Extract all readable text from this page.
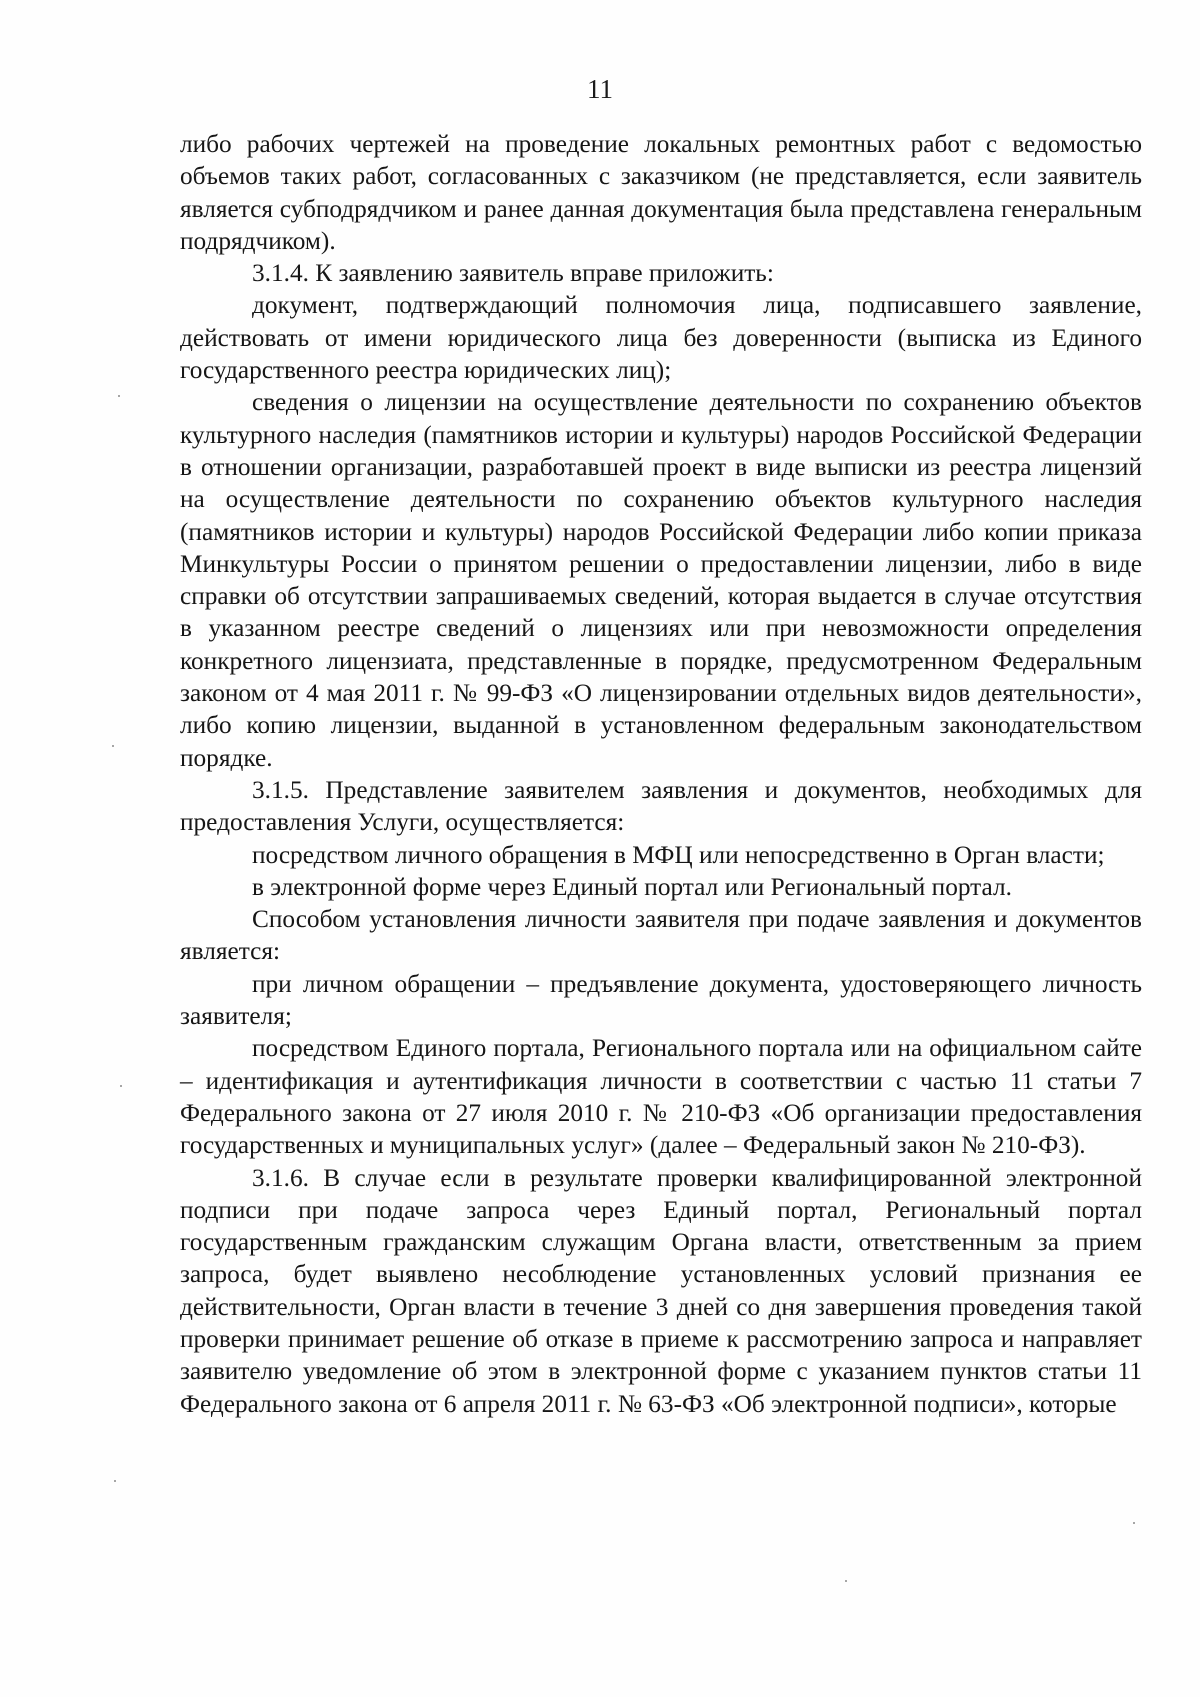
11

либо рабочих чертежей на проведение локальных ремонтных работ с ведомостью объемов таких работ, согласованных с заказчиком (не представляется, если заявитель является субподрядчиком и ранее данная документация была представлена генеральным подрядчиком).

3.1.4. К заявлению заявитель вправе приложить:

документ, подтверждающий полномочия лица, подписавшего заявление, действовать от имени юридического лица без доверенности (выписка из Единого государственного реестра юридических лиц);

сведения о лицензии на осуществление деятельности по сохранению объектов культурного наследия (памятников истории и культуры) народов Российской Федерации в отношении организации, разработавшей проект в виде выписки из реестра лицензий на осуществление деятельности по сохранению объектов культурного наследия (памятников истории и культуры) народов Российской Федерации либо копии приказа Минкультуры России о принятом решении о предоставлении лицензии, либо в виде справки об отсутствии запрашиваемых сведений, которая выдается в случае отсутствия в указанном реестре сведений о лицензиях или при невозможности определения конкретного лицензиата, представленные в порядке, предусмотренном Федеральным законом от 4 мая 2011 г. № 99-ФЗ «О лицензировании отдельных видов деятельности», либо копию лицензии, выданной в установленном федеральным законодательством порядке.

3.1.5. Представление заявителем заявления и документов, необходимых для предоставления Услуги, осуществляется:

посредством личного обращения в МФЦ или непосредственно в Орган власти;

в электронной форме через Единый портал или Региональный портал.

Способом установления личности заявителя при подаче заявления и документов является:

при личном обращении – предъявление документа, удостоверяющего личность заявителя;

посредством Единого портала, Регионального портала или на официальном сайте – идентификация и аутентификация личности в соответствии с частью 11 статьи 7 Федерального закона от 27 июля 2010 г. № 210-ФЗ «Об организации предоставления государственных и муниципальных услуг» (далее – Федеральный закон № 210-ФЗ).

3.1.6. В случае если в результате проверки квалифицированной электронной подписи при подаче запроса через Единый портал, Региональный портал государственным гражданским служащим Органа власти, ответственным за прием запроса, будет выявлено несоблюдение установленных условий признания ее действительности, Орган власти в течение 3 дней со дня завершения проведения такой проверки принимает решение об отказе в приеме к рассмотрению запроса и направляет заявителю уведомление об этом в электронной форме с указанием пунктов статьи 11 Федерального закона от 6 апреля 2011 г. № 63-ФЗ «Об электронной подписи», которые
